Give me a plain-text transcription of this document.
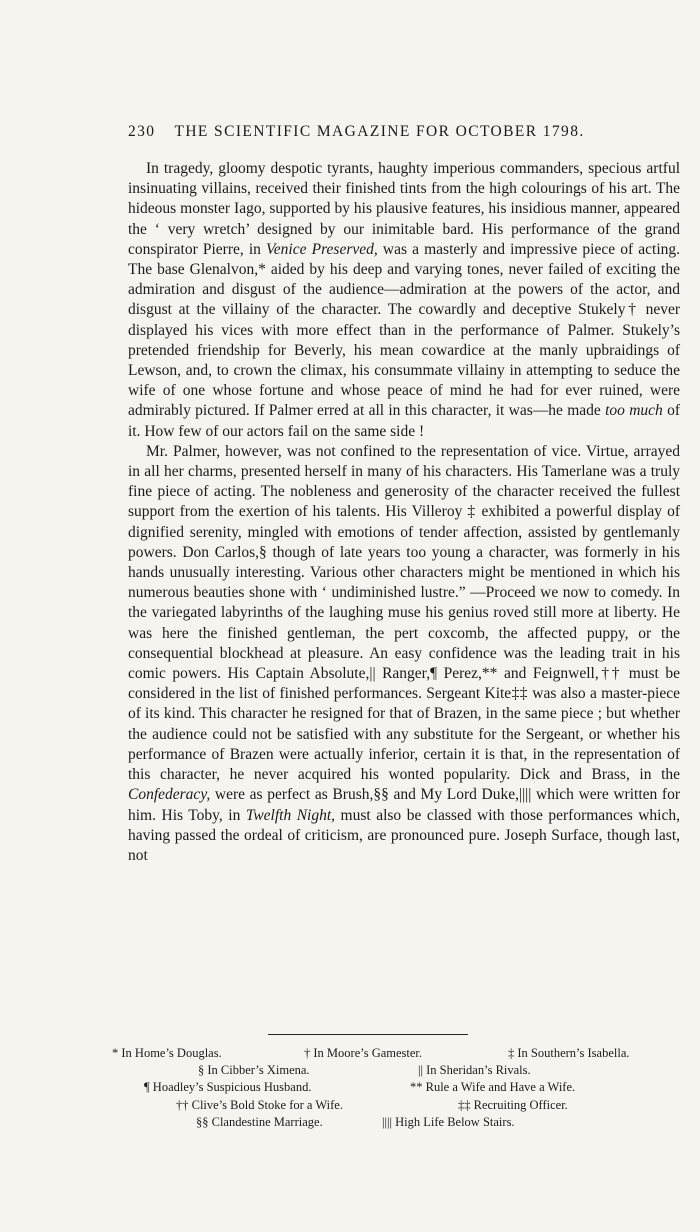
230 THE SCIENTIFIC MAGAZINE FOR OCTOBER 1798.

In tragedy, gloomy despotic tyrants, haughty imperious commanders, specious artful insinuating villains, received their finished tints from the high colourings of his art. The hideous monster Iago, supported by his plausive features, his insidious manner, appeared the ‘ very wretch’ designed by our inimitable bard. His performance of the grand conspirator Pierre, in Venice Preserved, was a masterly and impressive piece of acting. The base Glenalvon,* aided by his deep and varying tones, never failed of exciting the admiration and disgust of the audience—admiration at the powers of the actor, and disgust at the villainy of the character. The cowardly and deceptive Stukely† never displayed his vices with more effect than in the performance of Palmer. Stukely’s pretended friendship for Beverly, his mean cowardice at the manly upbraidings of Lewson, and, to crown the climax, his consummate villainy in attempting to seduce the wife of one whose fortune and whose peace of mind he had for ever ruined, were admirably pictured. If Palmer erred at all in this character, it was—he made too much of it. How few of our actors fail on the same side !

Mr. Palmer, however, was not confined to the representation of vice. Virtue, arrayed in all her charms, presented herself in many of his characters. His Tamerlane was a truly fine piece of acting. The nobleness and generosity of the character received the fullest support from the exertion of his talents. His Villeroy ‡ exhibited a powerful display of dignified serenity, mingled with emotions of tender affection, assisted by gentlemanly powers. Don Carlos,§ though of late years too young a character, was formerly in his hands unusually interesting. Various other characters might be mentioned in which his numerous beauties shone with ‘ undiminished lustre.” —Proceed we now to comedy. In the variegated labyrinths of the laughing muse his genius roved still more at liberty. He was here the finished gentleman, the pert coxcomb, the affected puppy, or the consequential blockhead at pleasure. An easy confidence was the leading trait in his comic powers. His Captain Absolute,|| Ranger,¶ Perez,** and Feignwell,†† must be considered in the list of finished performances. Sergeant Kite‡‡ was also a master-piece of its kind. This character he resigned for that of Brazen, in the same piece ; but whether the audience could not be satisfied with any substitute for the Sergeant, or whether his performance of Brazen were actually inferior, certain it is that, in the representation of this character, he never acquired his wonted popularity. Dick and Brass, in the Confederacy, were as perfect as Brush,§§ and My Lord Duke,|||| which were written for him. His Toby, in Twelfth Night, must also be classed with those performances which, having passed the ordeal of criticism, are pronounced pure. Joseph Surface, though last, not

* In Home’s Douglas.	† In Moore’s Gamester.	‡ In Southern’s Isabella.
§ In Cibber’s Ximena.	|| In Sheridan’s Rivals.
¶ Hoadley’s Suspicious Husband.	** Rule a Wife and Have a Wife.
†† Clive’s Bold Stoke for a Wife.	‡‡ Recruiting Officer.
§§ Clandestine Marriage.	|||| High Life Below Stairs.
